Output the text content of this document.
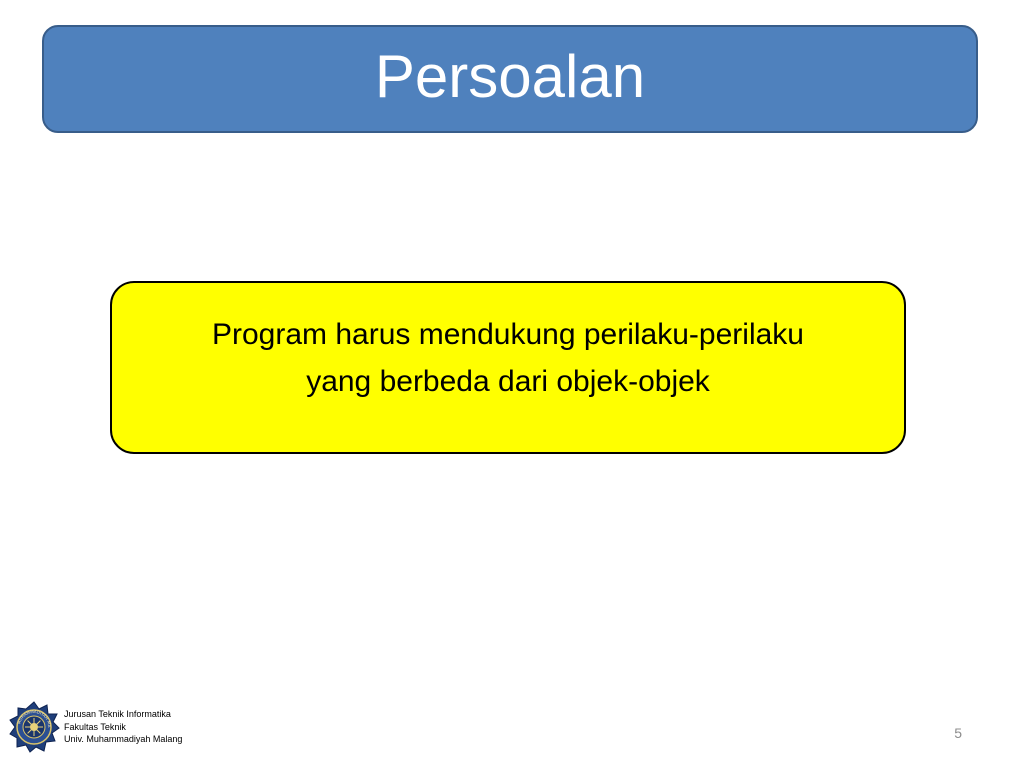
Persoalan
Program harus mendukung perilaku-perilaku
yang berbeda dari objek-objek
MUHAMMADIYAH MA
Jurusan Teknik Informatika
Fakultas Teknik
Univ. Muhammadiyah Malang	5
